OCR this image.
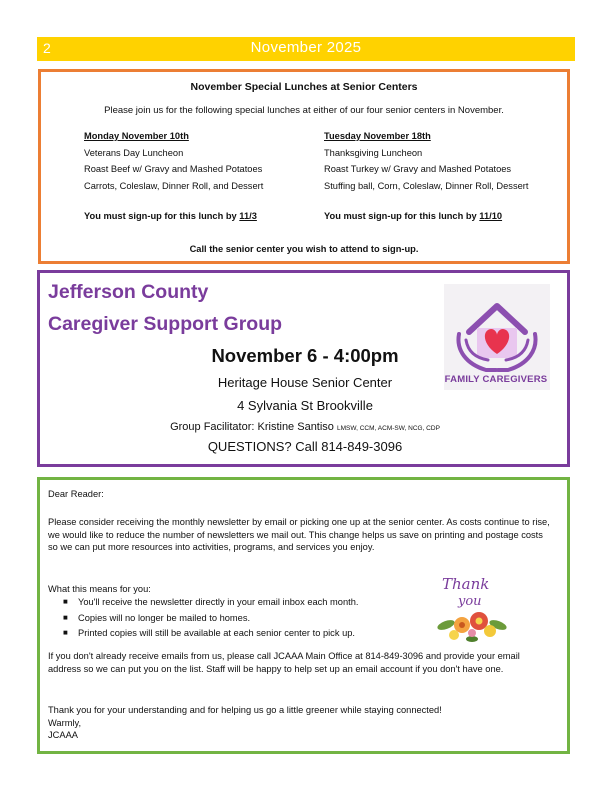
2	November 2025
November Special Lunches at Senior Centers
Please join us for the following special lunches at either of our four senior centers in November.
Monday November 10th
Veterans Day Luncheon
Roast Beef w/ Gravy and Mashed Potatoes
Carrots, Coleslaw, Dinner Roll, and Dessert
Tuesday November 18th
Thanksgiving Luncheon
Roast Turkey w/ Gravy and Mashed Potatoes
Stuffing ball, Corn, Coleslaw, Dinner Roll, Dessert
You must sign-up for this lunch by 11/3	You must sign-up for this lunch by 11/10
Call the senior center you wish to attend to sign-up.
Jefferson County
Caregiver Support Group
November 6 - 4:00pm
Heritage House Senior Center
4 Sylvania St Brookville
Group Facilitator: Kristine Santiso LMSW, CCM, ACM-SW, NCG, CDP
QUESTIONS? Call 814-849-3096
FAMILY CAREGIVERS
Dear Reader:
Please consider receiving the monthly newsletter by email or picking one up at the senior center. As costs continue to rise, we would like to reduce the number of newsletters we mail out. This change helps us save on printing and postage costs so we can put more resources into activities, programs, and services you enjoy.
What this means for you:
■ You'll receive the newsletter directly in your email inbox each month.
■ Copies will no longer be mailed to homes.
■ Printed copies will still be available at each senior center to pick up.
Thank
you
If you don't already receive emails from us, please call JCAAA Main Office at 814-849-3096 and provide your email address so we can put you on the list. Staff will be happy to help set up an email account if you don't have one.
Thank you for your understanding and for helping us go a little greener while staying connected!
Warmly,
JCAAA
